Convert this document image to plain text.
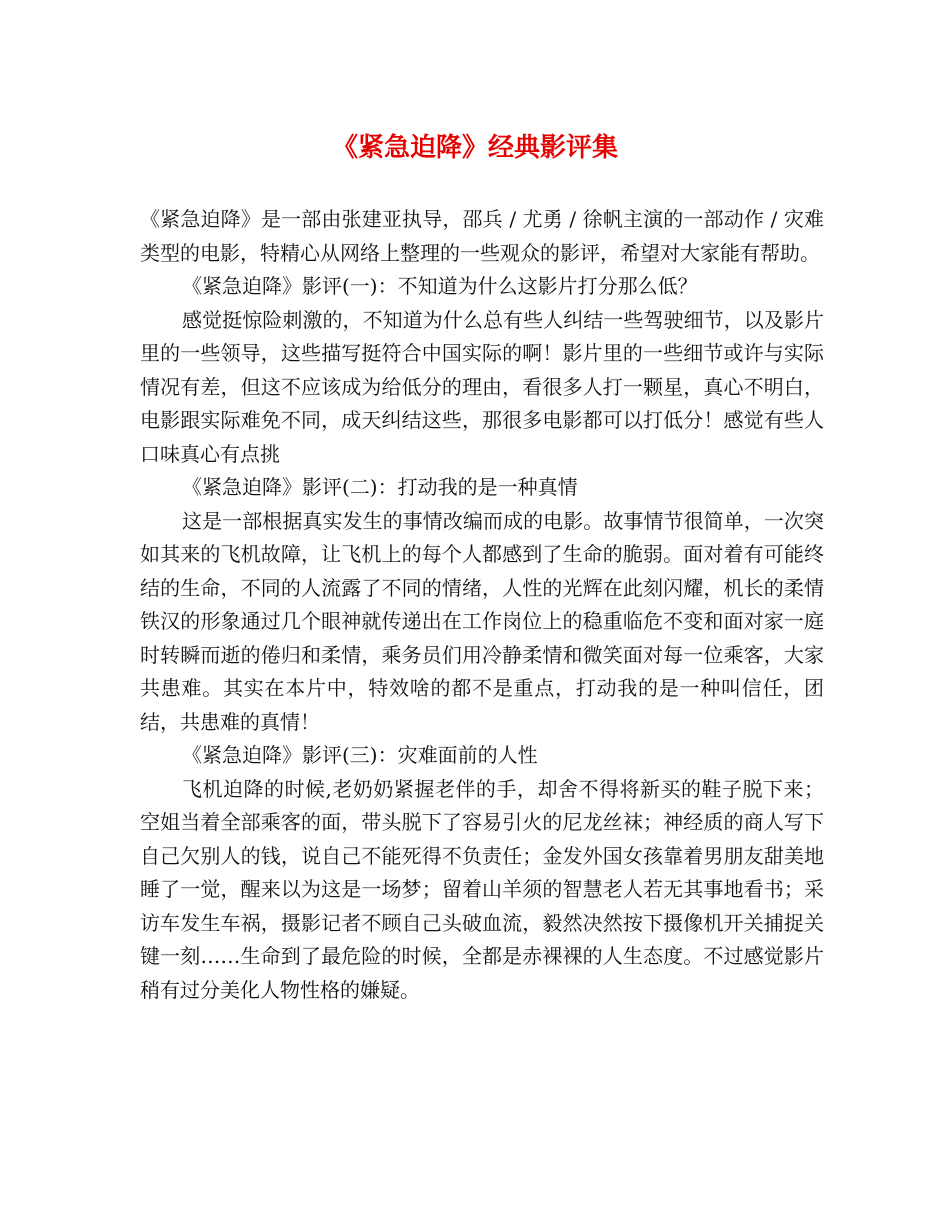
《紧急迫降》经典影评集

《紧急迫降》是一部由张建亚执导，邵兵 / 尤勇 / 徐帆主演的一部动作 / 灾难类型的电影，特精心从网络上整理的一些观众的影评，希望对大家能有帮助。

《紧急迫降》影评(一)：不知道为什么这影片打分那么低？

感觉挺惊险刺激的，不知道为什么总有些人纠结一些驾驶细节，以及影片里的一些领导，这些描写挺符合中国实际的啊！影片里的一些细节或许与实际情况有差，但这不应该成为给低分的理由，看很多人打一颗星，真心不明白，电影跟实际难免不同，成天纠结这些，那很多电影都可以打低分！感觉有些人口味真心有点挑

《紧急迫降》影评(二)：打动我的是一种真情

这是一部根据真实发生的事情改编而成的电影。故事情节很简单，一次突如其来的飞机故障，让飞机上的每个人都感到了生命的脆弱。面对着有可能终结的生命，不同的人流露了不同的情绪，人性的光辉在此刻闪耀，机长的柔情铁汉的形象通过几个眼神就传递出在工作岗位上的稳重临危不变和面对家一庭时转瞬而逝的倦归和柔情，乘务员们用冷静柔情和微笑面对每一位乘客，大家共患难。其实在本片中，特效啥的都不是重点，打动我的是一种叫信任，团结，共患难的真情！

《紧急迫降》影评(三)：灾难面前的人性

飞机迫降的时候,老奶奶紧握老伴的手，却舍不得将新买的鞋子脱下来；空姐当着全部乘客的面，带头脱下了容易引火的尼龙丝袜；神经质的商人写下自己欠别人的钱，说自己不能死得不负责任；金发外国女孩靠着男朋友甜美地睡了一觉，醒来以为这是一场梦；留着山羊须的智慧老人若无其事地看书；采访车发生车祸，摄影记者不顾自己头破血流，毅然决然按下摄像机开关捕捉关键一刻……生命到了最危险的时候，全都是赤裸裸的人生态度。不过感觉影片稍有过分美化人物性格的嫌疑。
